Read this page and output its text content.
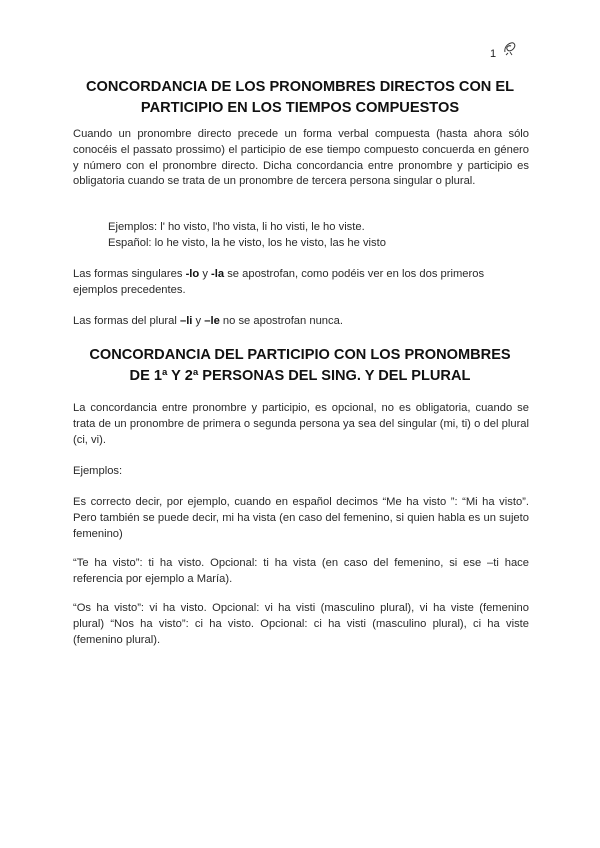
1
CONCORDANCIA DE LOS PRONOMBRES DIRECTOS CON EL
PARTICIPIO EN LOS TIEMPOS COMPUESTOS

Cuando un pronombre directo precede un forma verbal compuesta (hasta ahora sólo conocéis el passato prossimo) el participio de ese tiempo compuesto concuerda en género y número con el pronombre directo. Dicha concordancia entre pronombre y participio es obligatoria cuando se trata de un pronombre de tercera persona singular o plural.

Ejemplos: l' ho visto, l'ho vista, li ho visti, le ho viste.

Español: lo he visto, la he visto, los he visto, las he visto

Las formas singulares -lo y -la se apostrofan, como podéis ver en los dos primeros ejemplos precedentes.

Las formas del plural –li y –le no se apostrofan nunca.

CONCORDANCIA DEL PARTICIPIO CON LOS PRONOMBRES
DE 1ª Y 2ª PERSONAS DEL SING. Y DEL PLURAL

La concordancia entre pronombre y participio, es opcional, no es obligatoria, cuando se trata de un pronombre de primera o segunda persona ya sea del singular (mi, ti) o del plural (ci, vi).

Ejemplos:

Es correcto decir, por ejemplo, cuando en español decimos “Me ha visto ”: “Mi ha visto”. Pero también se puede decir, mi ha vista (en caso del femenino, si quien habla es un sujeto femenino)

“Te ha visto”: ti ha visto. Opcional: ti ha vista (en caso del femenino, si ese –ti hace referencia por ejemplo a María).

“Os ha visto”: vi ha visto. Opcional: vi ha visti (masculino plural), vi ha viste (femenino plural) “Nos ha visto”: ci ha visto. Opcional: ci ha visti (masculino plural), ci ha viste (femenino plural).
